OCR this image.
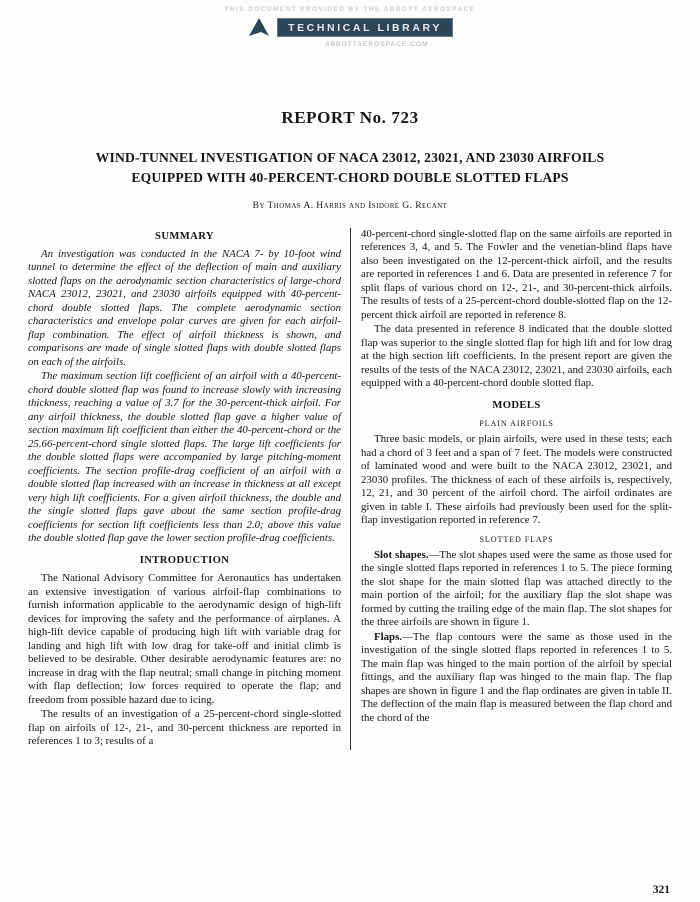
THIS DOCUMENT PROVIDED BY THE ABBOTT AEROSPACE
TECHNICAL LIBRARY
ABBOTTAEROSPACE.COM
REPORT No. 723
WIND-TUNNEL INVESTIGATION OF NACA 23012, 23021, AND 23030 AIRFOILS
EQUIPPED WITH 40-PERCENT-CHORD DOUBLE SLOTTED FLAPS
By Thomas A. Harris and Isidore G. Recant
SUMMARY

An investigation was conducted in the NACA 7- by 10-foot wind tunnel to determine the effect of the deflection of main and auxiliary slotted flaps on the aerodynamic section characteristics of large-chord NACA 23012, 23021, and 23030 airfoils equipped with 40-percent-chord double slotted flaps. The complete aerodynamic section characteristics and envelope polar curves are given for each airfoil-flap combination. The effect of airfoil thickness is shown, and comparisons are made of single slotted flaps with double slotted flaps on each of the airfoils.

The maximum section lift coefficient of an airfoil with a 40-percent-chord double slotted flap was found to increase slowly with increasing thickness, reaching a value of 3.7 for the 30-percent-thick airfoil. For any airfoil thickness, the double slotted flap gave a higher value of section maximum lift coefficient than either the 40-percent-chord or the 25.66-percent-chord single slotted flaps. The large lift coefficients for the double slotted flaps were accompanied by large pitching-moment coefficients. The section profile-drag coefficient of an airfoil with a double slotted flap increased with an increase in thickness at all except very high lift coefficients. For a given airfoil thickness, the double and the single slotted flaps gave about the same section profile-drag coefficients for section lift coefficients less than 2.0; above this value the double slotted flap gave the lower section profile-drag coefficients.

INTRODUCTION

The National Advisory Committee for Aeronautics has undertaken an extensive investigation of various airfoil-flap combinations to furnish information applicable to the aerodynamic design of high-lift devices for improving the safety and the performance of airplanes. A high-lift device capable of producing high lift with variable drag for landing and high lift with low drag for take-off and initial climb is believed to be desirable. Other desirable aerodynamic features are: no increase in drag with the flap neutral; small change in pitching moment with flap deflection; low forces required to operate the flap; and freedom from possible hazard due to icing.

The results of an investigation of a 25-percent-chord single-slotted flap on airfoils of 12-, 21-, and 30-percent thickness are reported in references 1 to 3; results of a

40-percent-chord single-slotted flap on the same airfoils are reported in references 3, 4, and 5. The Fowler and the venetian-blind flaps have also been investigated on the 12-percent-thick airfoil, and the results are reported in references 1 and 6. Data are presented in reference 7 for split flaps of various chord on 12-, 21-, and 30-percent-thick airfoils. The results of tests of a 25-percent-chord double-slotted flap on the 12-percent thick airfoil are reported in reference 8.

The data presented in reference 8 indicated that the double slotted flap was superior to the single slotted flap for high lift and for low drag at the high section lift coefficients. In the present report are given the results of the tests of the NACA 23012, 23021, and 23030 airfoils, each equipped with a 40-percent-chord double slotted flap.

MODELS
PLAIN AIRFOILS

Three basic models, or plain airfoils, were used in these tests; each had a chord of 3 feet and a span of 7 feet. The models were constructed of laminated wood and were built to the NACA 23012, 23021, and 23030 profiles. The thickness of each of these airfoils is, respectively, 12, 21, and 30 percent of the airfoil chord. The airfoil ordinates are given in table I. These airfoils had previously been used for the split-flap investigation reported in reference 7.

SLOTTED FLAPS

Slot shapes.—The slot shapes used were the same as those used for the single slotted flaps reported in references 1 to 5. The piece forming the slot shape for the main slotted flap was attached directly to the main portion of the airfoil; for the auxiliary flap the slot shape was formed by cutting the trailing edge of the main flap. The slot shapes for the three airfoils are shown in figure 1.

Flaps.—The flap contours were the same as those used in the investigation of the single slotted flaps reported in references 1 to 5. The main flap was hinged to the main portion of the airfoil by special fittings, and the auxiliary flap was hinged to the main flap. The flap shapes are shown in figure 1 and the flap ordinates are given in table II. The deflection of the main flap is measured between the flap chord and the chord of the

321
